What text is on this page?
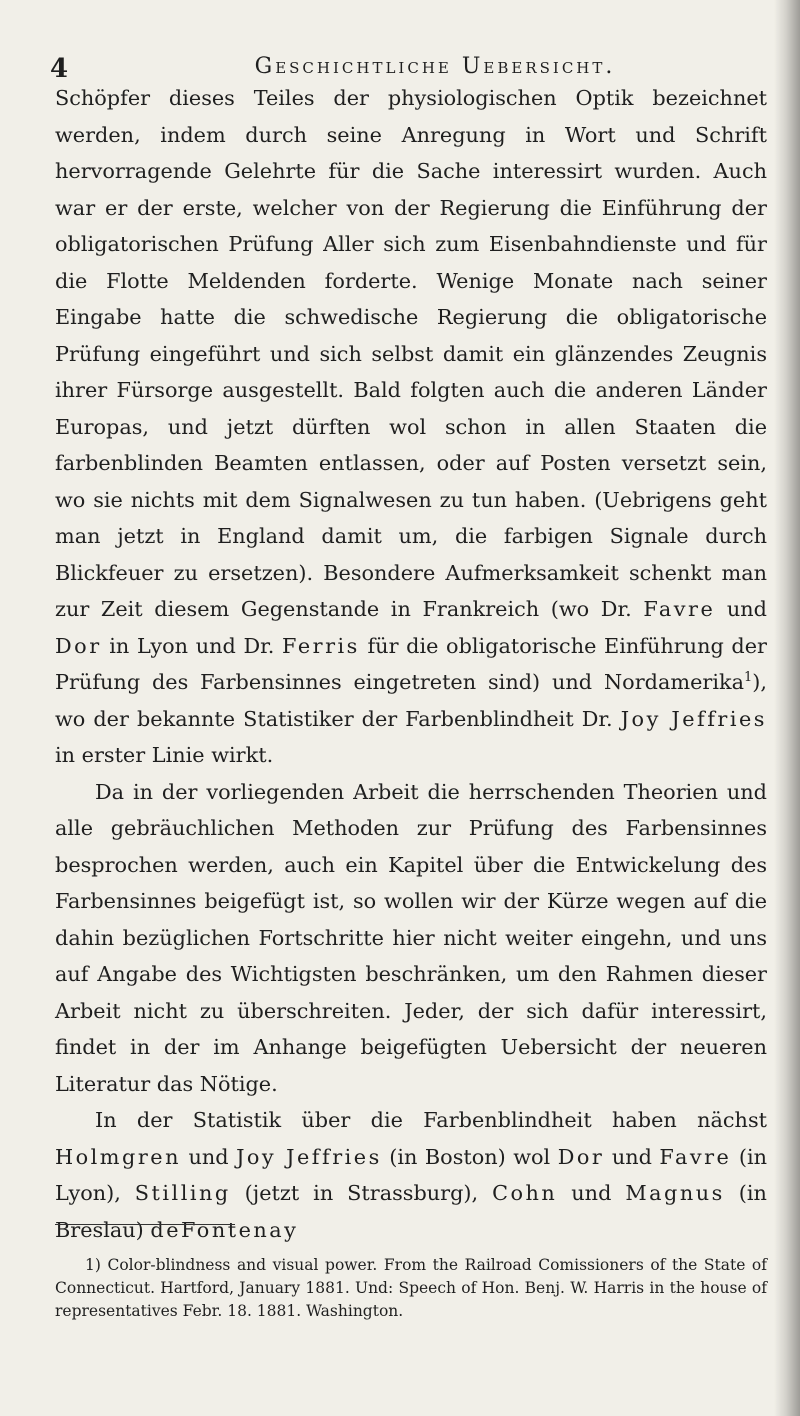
4	Geschichtliche Uebersicht.

Schöpfer dieses Teiles der physiologischen Optik bezeichnet werden, indem durch seine Anregung in Wort und Schrift hervorragende Gelehrte für die Sache interessirt wurden. Auch war er der erste, welcher von der Regierung die Einführung der obligatorischen Prüfung Aller sich zum Eisenbahndienste und für die Flotte Meldenden forderte. Wenige Monate nach seiner Eingabe hatte die schwedische Regierung die obligatorische Prüfung eingeführt und sich selbst damit ein glänzendes Zeugnis ihrer Fürsorge ausgestellt. Bald folgten auch die anderen Länder Europas, und jetzt dürften wol schon in allen Staaten die farbenblinden Beamten entlassen, oder auf Posten versetzt sein, wo sie nichts mit dem Signalwesen zu tun haben. (Uebrigens geht man jetzt in England damit um, die farbigen Signale durch Blickfeuer zu ersetzen). Besondere Aufmerksamkeit schenkt man zur Zeit diesem Gegenstande in Frankreich (wo Dr. Favre und Dor in Lyon und Dr. Ferris für die obligatorische Einführung der Prüfung des Farbensinnes eingetreten sind) und Nordamerika$^1$), wo der bekannte Statistiker der Farbenblindheit Dr. Joy Jeffries in erster Linie wirkt.

Da in der vorliegenden Arbeit die herrschenden Theorien und alle gebräuchlichen Methoden zur Prüfung des Farbensinnes besprochen werden, auch ein Kapitel über die Entwickelung des Farbensinnes beigefügt ist, so wollen wir der Kürze wegen auf die dahin bezüglichen Fortschritte hier nicht weiter eingehn, und uns auf Angabe des Wichtigsten beschränken, um den Rahmen dieser Arbeit nicht zu überschreiten. Jeder, der sich dafür interessirt, findet in der im Anhange beigefügten Uebersicht der neueren Literatur das Nötige.

In der Statistik über die Farbenblindheit haben nächst Holmgren und Joy Jeffries (in Boston) wol Dor und Favre (in Lyon), Stilling (jetzt in Strassburg), Cohn und Magnus (in Breslau) deFontenay

1) Color-blindness and visual power. From the Railroad Comissioners of the State of Connecticut. Hartford, January 1881. Und: Speech of Hon. Benj. W. Harris in the house of representatives Febr. 18. 1881. Washington.
